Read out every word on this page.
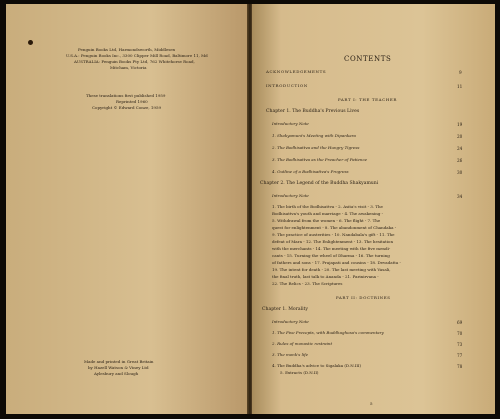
Penguin Books Ltd, Harmondsworth, Middlesex
U.S.A.: Penguin Books Inc., 3300 Clipper Mill Road, Baltimore 11, Md
AUSTRALIA: Penguin Books Pty Ltd, 762 Whitehorse Road,
Mitcham, Victoria
These translations first published 1959
Reprinted 1960
Copyright © Edward Conze, 1959
Made and printed in Great Britain
by Hazell Watson & Viney Ltd
Aylesbury and Slough
CONTENTS
ACKNOWLEDGEMENTS	9
INTRODUCTION	11
PART I: THE TEACHER
Chapter 1. The Buddha's Previous Lives
Introductory Note	19
1. Shakyamuni's Meeting with Dipankara	20
2. The Bodhisattva and the Hungry Tigress	24
3. The Bodhisattva as the Preacher of Patience	26
4. Outline of a Bodhisattva's Progress	30
Chapter 2. The Legend of the Buddha Shakyamuni
Introductory Note	34
1. The birth of the Bodhisattva - 2. Asita's visit - 3. The
Bodhisattva's youth and marriage - 4. The awakening -
5. Withdrawal from the women - 6. The flight - 7. The
quest for enlightenment - 8. The abandonment of Chandaka -
9. The practice of austerities - 10. Nandabala's gift - 11. The
defeat of Mara - 12. The Enlightenment - 13. The hesitation
with the merchants - 14. The meeting with the five mendi-
cants - 15. Turning the wheel of Dharma - 16. The turning
of fathers and sons - 17. Prajapati and cousins - 18. Devadatta -
19. The intent for death - 20. The last meeting with Vasali,
the final truth, last talk to Ananda - 21. Parinirvana -
22. The Relics - 23. The Scriptures
PART II: DOCTRINES
Chapter 1. Morality
Introductory Note	69
1. The Five Precepts, with Buddhaghosa's commentary	70
2. Rules of monastic restraint	73
3. The monk's life	77
4. The Buddha's advice to Sigalaka (D.N.III)	78
5. Extracts (D.N.II)
5
